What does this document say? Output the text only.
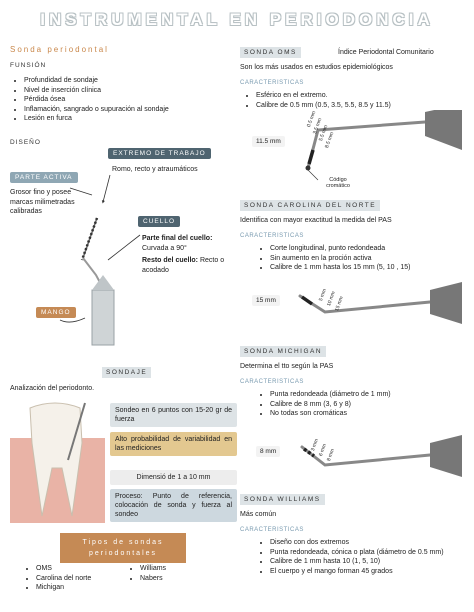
INSTRUMENTAL EN PERIODONCIA
Sonda periodontal
FUNSIÓN
• Profundidad de sondaje
• Nivel de inserción clínica
• Pérdida ósea
• Inflamación, sangrado o supuración al sondaje
• Lesión en furca
DISEÑO
EXTREMO DE TRABAJO
Romo, recto y atraumáticos
PARTE ACTIVA
Grosor fino y posee marcas milimetradas calibradas
CUELLO
Parte final del cuello: Curvada a 90°
Resto del cuello: Recto o acodado
MANGO
SONDAJE
Analización del periodonto.
Sondeo en 6 puntos con 15-20 gr de fuerza
Alto probabilidad de variabilidad en las mediciones
Dimensió de 1 a 10 mm
Proceso: Punto de referencia, colocación de sonda y fuerza al sondeo
Tipos de sondas periodontales
• OMS
• Carolina del norte
• Michigan
• Williams
• Nabers
SONDA OMS	Índice Periodontal Comunitario
Son los más usados en estudios epidemiológicos
CARACTERISTICAS
• Esférico en el extremo.
• Calibre de 0.5 mm (0.5, 3.5, 5.5, 8.5 y 11.5)
11.5 mm
0.5 mm
3.5 mm
5.5 mm
8.5 mm
Código cromático
SONDA CAROLINA DEL NORTE
Identifica con mayor exactitud la medida del PAS
CARACTERISTICAS
• Corte longitudinal, punto redondeada
• Sin aumento en la proción activa
• Calibre de 1 mm hasta los 15 mm (5, 10 , 15)
15 mm	5 mm
10 mm
15 mm
SONDA MICHIGAN
Determina el tto según la PAS
CARACTERISTICAS
• Punta redondeada (diámetro de 1 mm)
• Calibre de 8 mm (3, 6 y 8)
• No todas son cromáticas
8 mm	3 mm
6 mm
8 mm
SONDA WILLIAMS
Más común
CARACTERISTICAS
• Diseño con dos extremos
• Punta redondeada, cónica o plata (diámetro de 0.5 mm)
• Calibre de 1 mm hasta 10 (1, 5, 10)
• El cuerpo y el mango forman 45 grados
